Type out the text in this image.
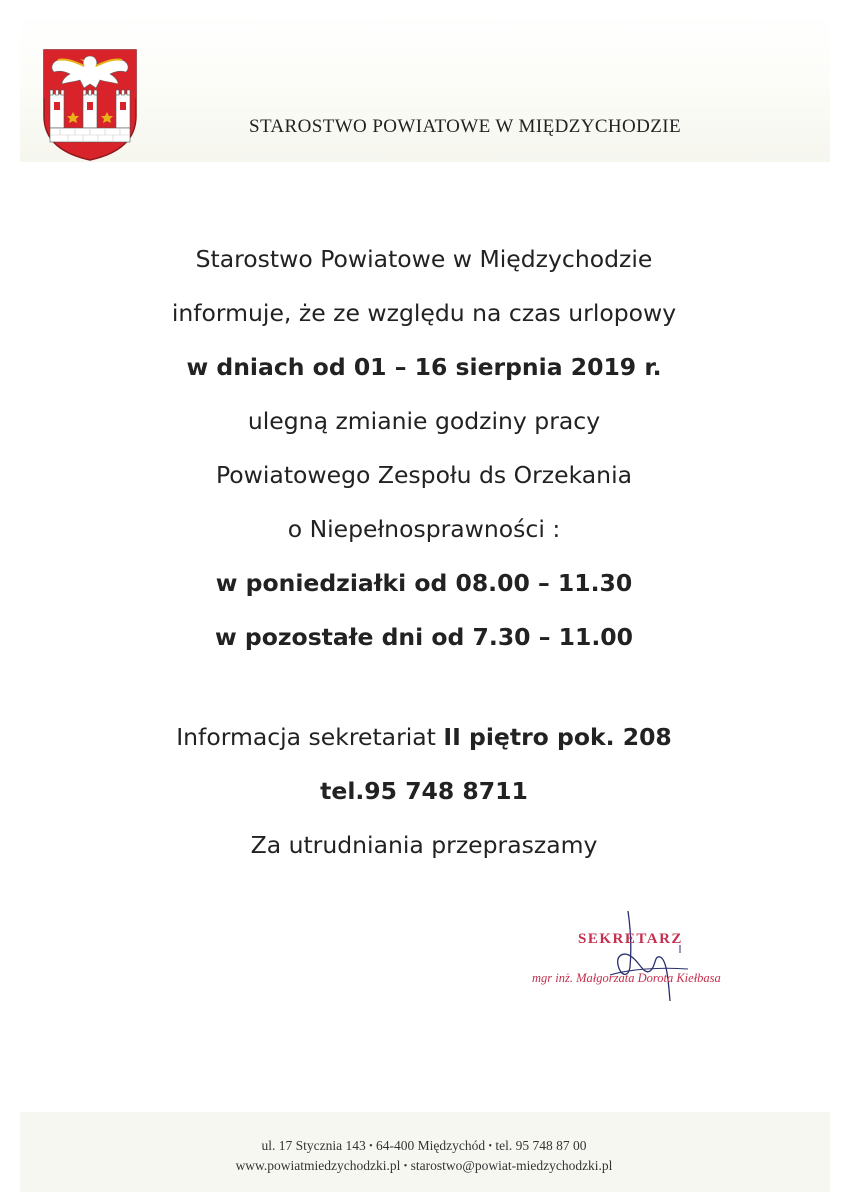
STAROSTWO POWIATOWE W MIĘDZYCHODZIE
Starostwo Powiatowe w Międzychodzie
informuje, że ze względu na czas urlopowy
w dniach od 01 – 16 sierpnia 2019 r.
ulegną zmianie godziny pracy
Powiatowego Zespołu ds Orzekania
o Niepełnosprawności :
w poniedziałki od 08.00 – 11.30
w pozostałe dni od 7.30 – 11.00
Informacja sekretariat II piętro pok. 208
tel.95 748 8711
Za utrudniania przepraszamy
SEKRETARZ
mgr inż. Małgorzata Dorota Kiełbasa
ul. 17 Stycznia 143 • 64-400 Międzychód • tel. 95 748 87 00
www.powiatmiedzychodzki.pl • starostwo@powiat-miedzychodzki.pl
